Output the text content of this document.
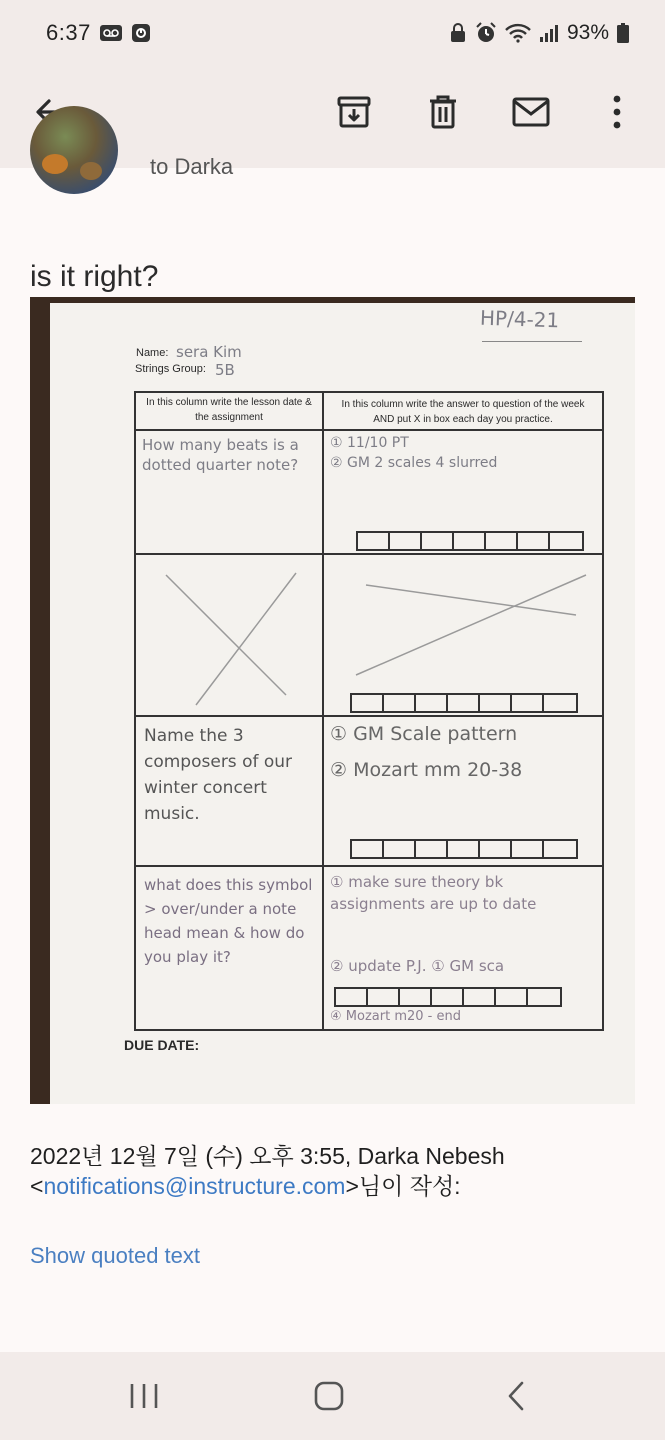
6:37	93%
to Darka
is it right?
HP/4-21
Name: sera Kim
Strings Group: 5B
In this column write the lesson date & the assignment
In this column write the answer to question of the week AND put X in box each day you practice.
How many beats is a dotted quarter note?
① 11/10 PT
② GM 2 scales 4 slurred
Name the 3 composers of our winter concert music.
① GM Scale pattern
② Mozart mm 20-38
what does this symbol > over/under a note head mean & how do you play it?
① make sure theory bk assignments are up to date
② update P.J. ① GM sca
④ Mozart m20 - end
DUE DATE:
2022년 12월 7일 (수) 오후 3:55, Darka Nebesh
<notifications@instructure.com>님이 작성:
Show quoted text
